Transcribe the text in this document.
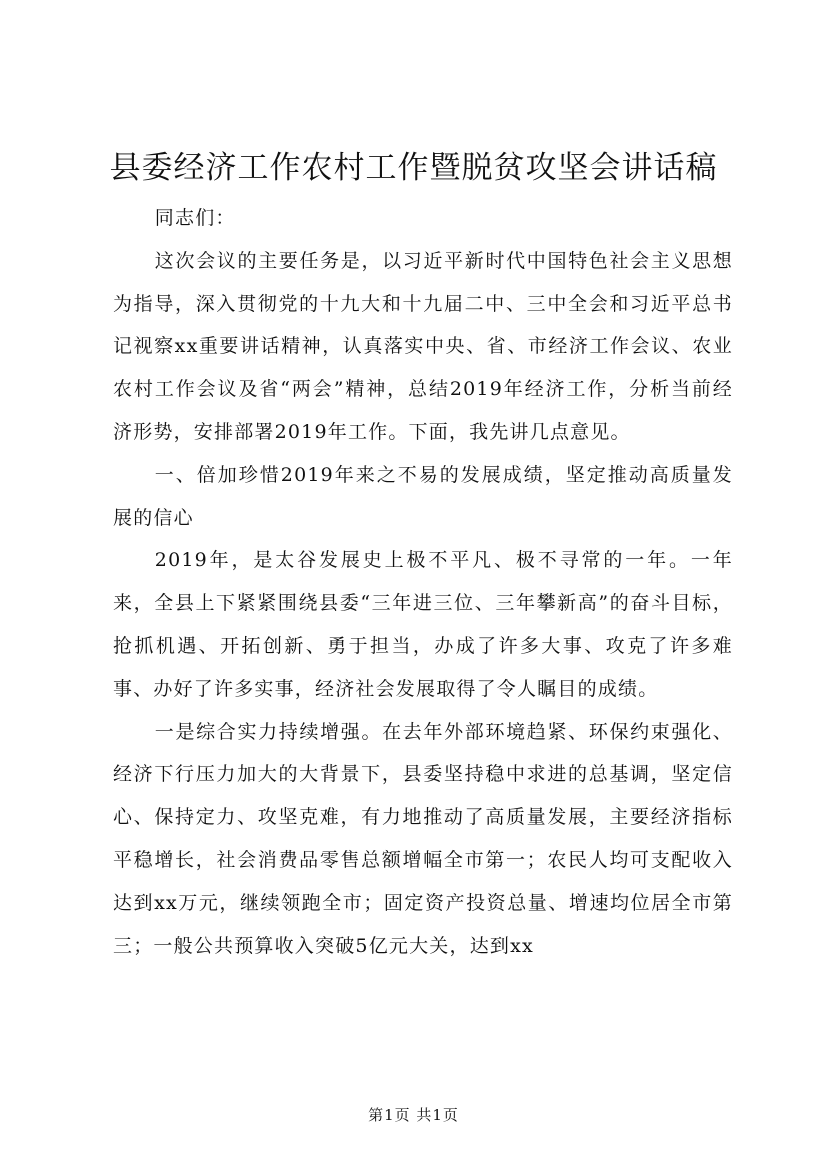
县委经济工作农村工作暨脱贫攻坚会讲话稿

同志们：

这次会议的主要任务是，以习近平新时代中国特色社会主义思想为指导，深入贯彻党的十九大和十九届二中、三中全会和习近平总书记视察xx重要讲话精神，认真落实中央、省、市经济工作会议、农业农村工作会议及省“两会”精神，总结2019年经济工作，分析当前经济形势，安排部署2019年工作。下面，我先讲几点意见。

一、倍加珍惜2019年来之不易的发展成绩，坚定推动高质量发展的信心

2019年，是太谷发展史上极不平凡、极不寻常的一年。一年来，全县上下紧紧围绕县委“三年进三位、三年攀新高”的奋斗目标，抢抓机遇、开拓创新、勇于担当，办成了许多大事、攻克了许多难事、办好了许多实事，经济社会发展取得了令人瞩目的成绩。

一是综合实力持续增强。在去年外部环境趋紧、环保约束强化、经济下行压力加大的大背景下，县委坚持稳中求进的总基调，坚定信心、保持定力、攻坚克难，有力地推动了高质量发展，主要经济指标平稳增长，社会消费品零售总额增幅全市第一；农民人均可支配收入达到xx万元，继续领跑全市；固定资产投资总量、增速均位居全市第三；一般公共预算收入突破5亿元大关，达到xx

第1页 共1页
